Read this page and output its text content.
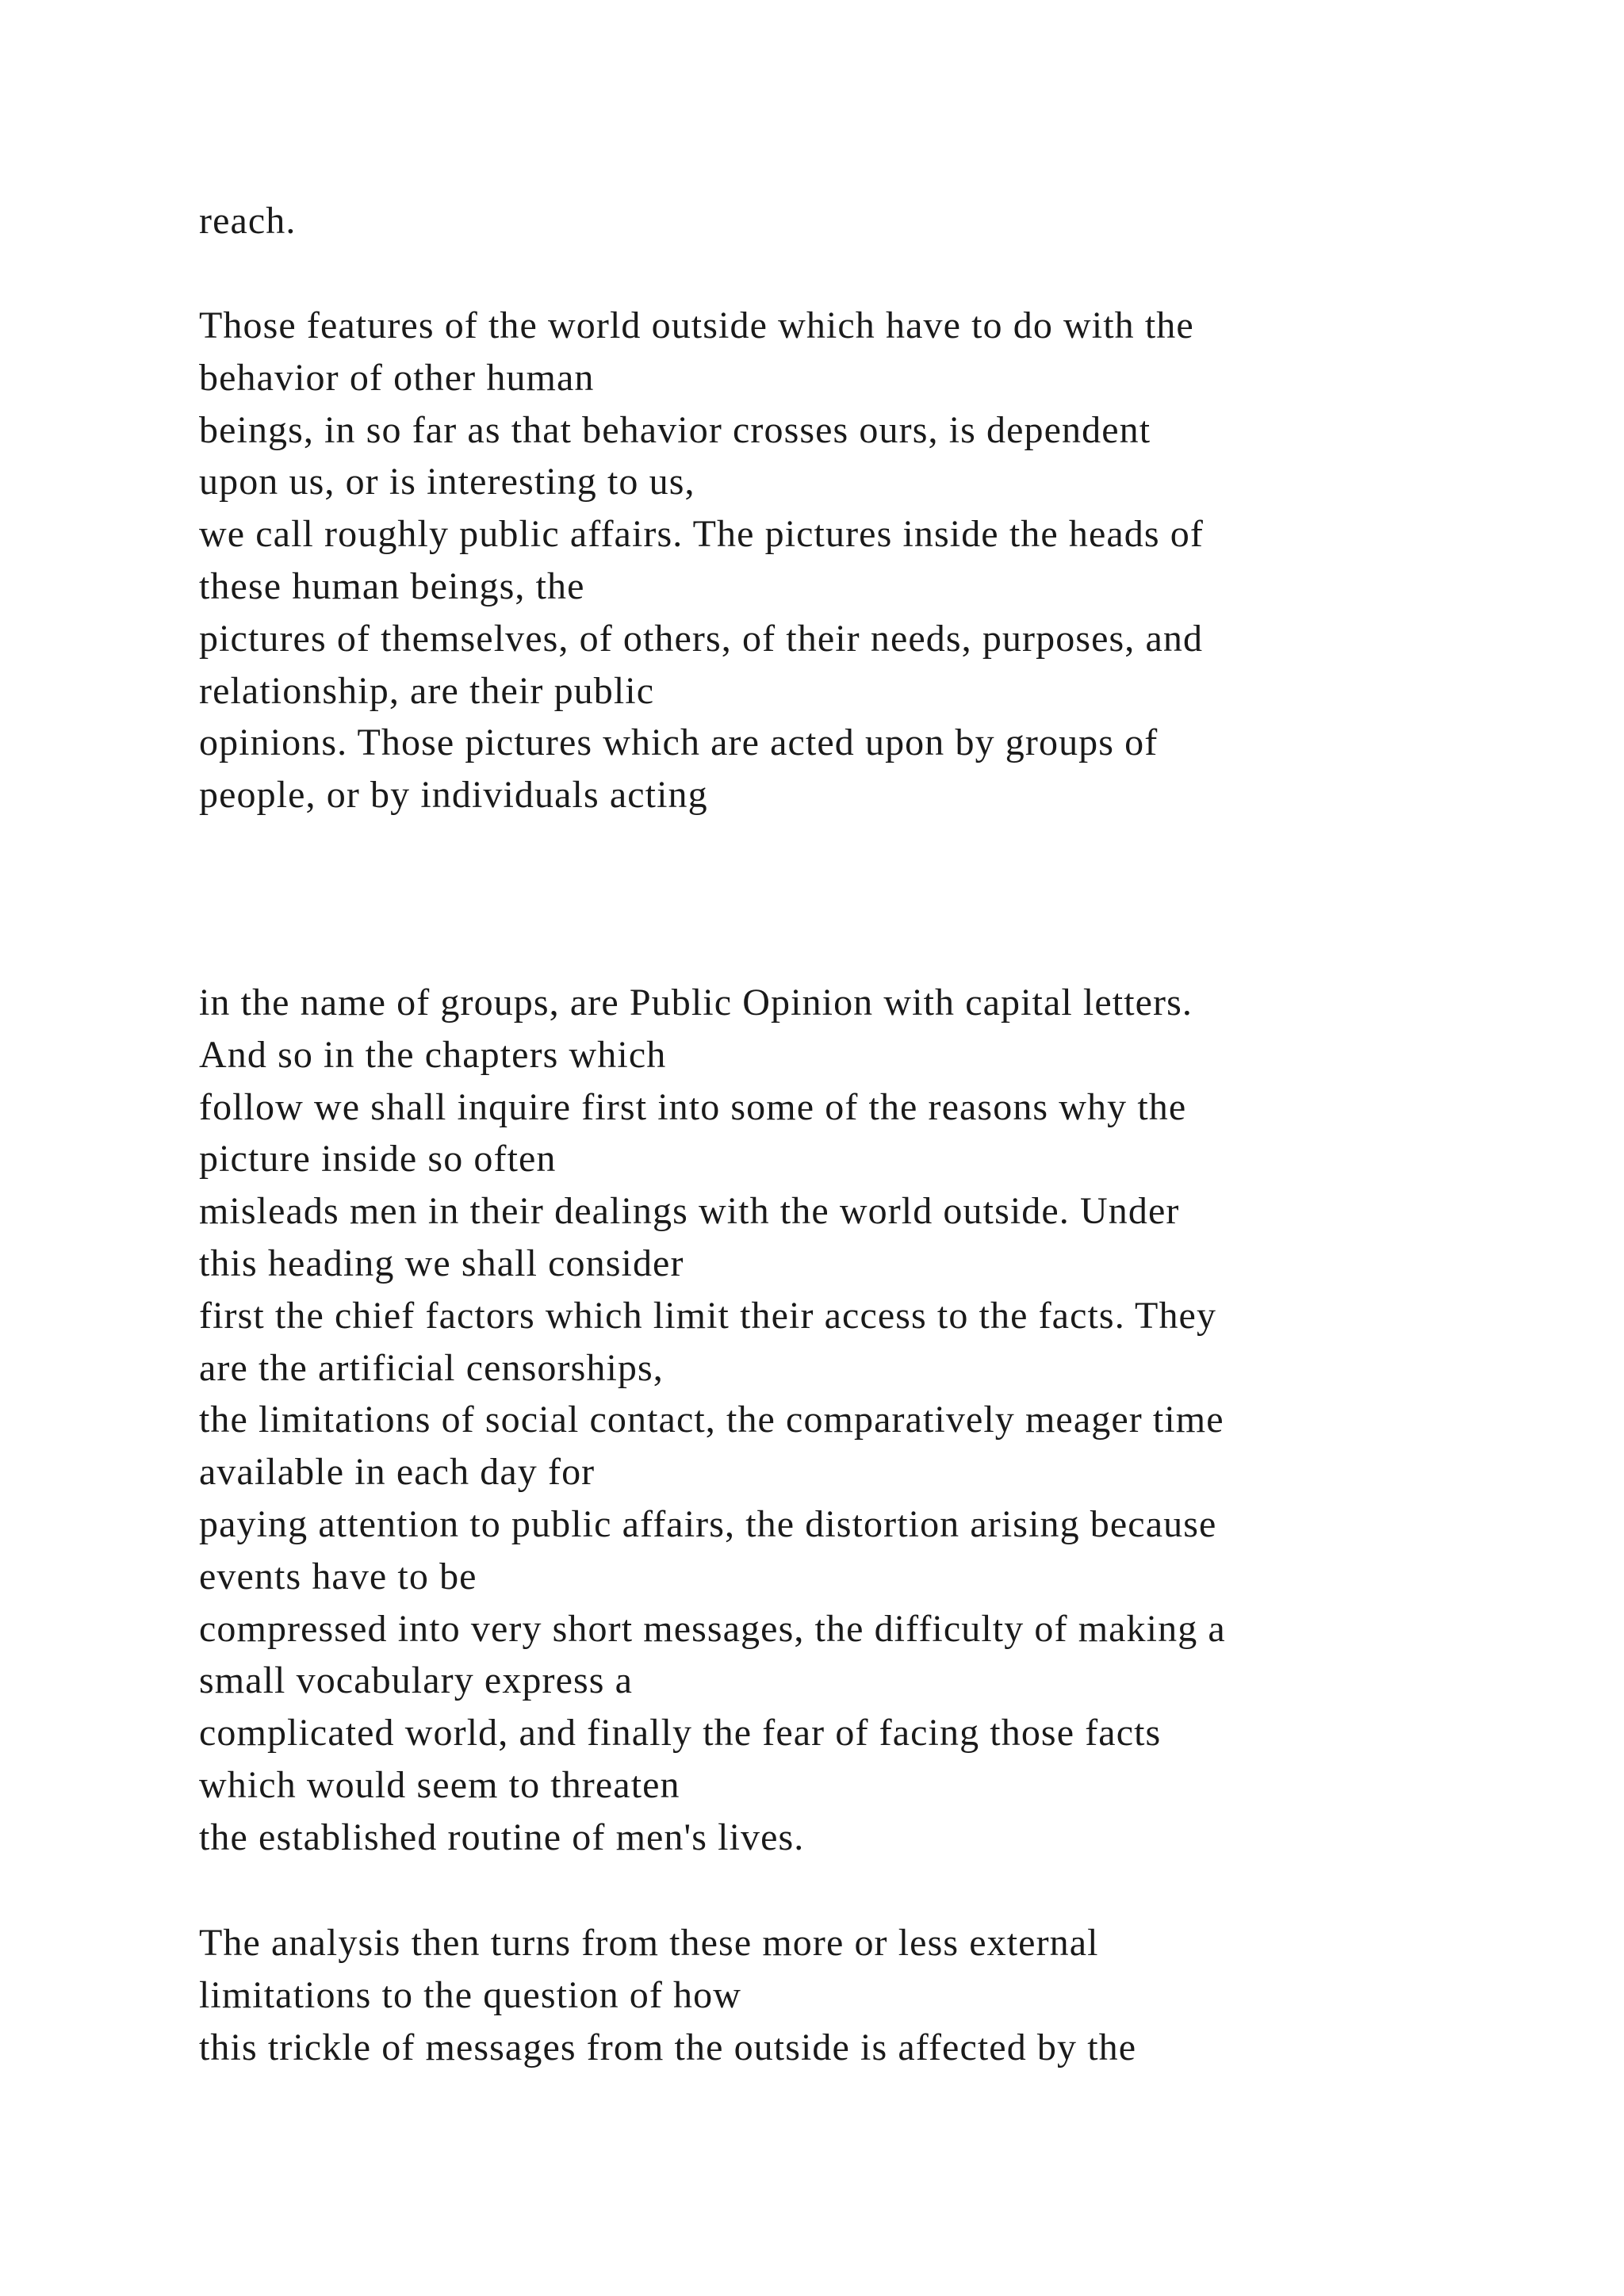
reach.
Those features of the world outside which have to do with the
behavior of other human
beings, in so far as that behavior crosses ours, is dependent
upon us, or is interesting to us,
we call roughly public affairs. The pictures inside the heads of
these human beings, the
pictures of themselves, of others, of their needs, purposes, and
relationship, are their public
opinions. Those pictures which are acted upon by groups of
people, or by individuals acting
in the name of groups, are Public Opinion with capital letters.
And so in the chapters which
follow we shall inquire first into some of the reasons why the
picture inside so often
misleads men in their dealings with the world outside. Under
this heading we shall consider
first the chief factors which limit their access to the facts. They
are the artificial censorships,
the limitations of social contact, the comparatively meager time
available in each day for
paying attention to public affairs, the distortion arising because
events have to be
compressed into very short messages, the difficulty of making a
small vocabulary express a
complicated world, and finally the fear of facing those facts
which would seem to threaten
the established routine of men's lives.
The analysis then turns from these more or less external
limitations to the question of how
this trickle of messages from the outside is affected by the
